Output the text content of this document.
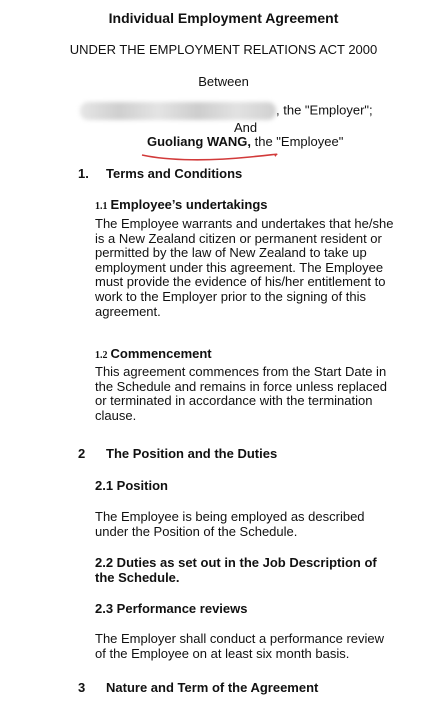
Individual Employment Agreement
UNDER THE EMPLOYMENT RELATIONS ACT 2000
Between
, the "Employer";
And
Guoliang WANG, the "Employee"
1. Terms and Conditions
1.1 Employee’s undertakings
The Employee warrants and undertakes that he/she
is a New Zealand citizen or permanent resident or
permitted by the law of New Zealand to take up
employment under this agreement. The Employee
must provide the evidence of his/her entitlement to
work to the Employer prior to the signing of this
agreement.
1.2 Commencement
This agreement commences from the Start Date in
the Schedule and remains in force unless replaced
or terminated in accordance with the termination
clause.
2 The Position and the Duties
2.1 Position
The Employee is being employed as described
under the Position of the Schedule.
2.2 Duties as set out in the Job Description of
the Schedule.
2.3 Performance reviews
The Employer shall conduct a performance review
of the Employee on at least six month basis.
3 Nature and Term of the Agreement
